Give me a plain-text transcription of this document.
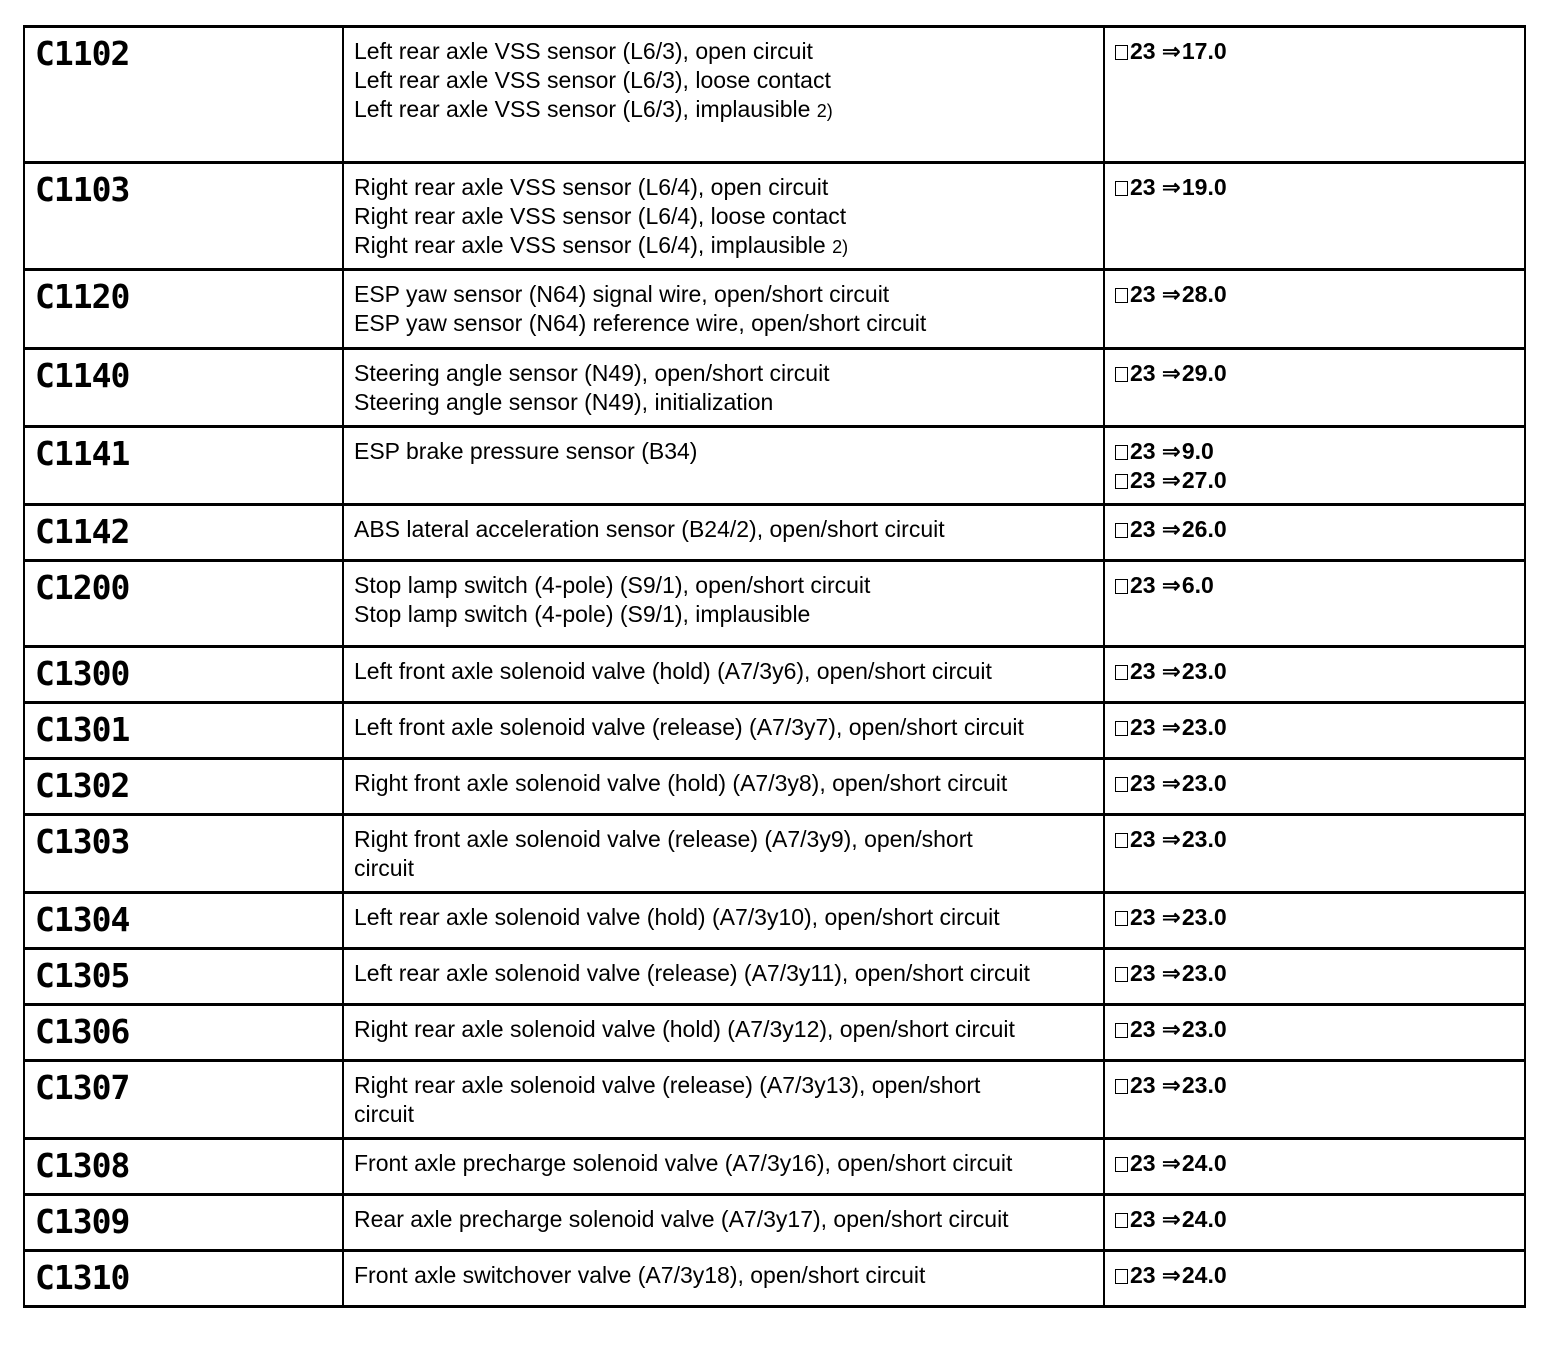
C1102	Left rear axle VSS sensor (L6/3), open circuit
Left rear axle VSS sensor (L6/3), loose contact
Left rear axle VSS sensor (L6/3), implausible 2)	23 ⇒17.0

C1103	Right rear axle VSS sensor (L6/4), open circuit
Right rear axle VSS sensor (L6/4), loose contact
Right rear axle VSS sensor (L6/4), implausible 2)	23 ⇒19.0

C1120	ESP yaw sensor (N64) signal wire, open/short circuit
ESP yaw sensor (N64) reference wire, open/short circuit	23 ⇒28.0

C1140	Steering angle sensor (N49), open/short circuit
Steering angle sensor (N49), initialization	23 ⇒29.0

C1141	ESP brake pressure sensor (B34)	23 ⇒9.0
23 ⇒27.0

C1142	ABS lateral acceleration sensor (B24/2), open/short circuit	23 ⇒26.0

C1200	Stop lamp switch (4-pole) (S9/1), open/short circuit
Stop lamp switch (4-pole) (S9/1), implausible	23 ⇒6.0

C1300	Left front axle solenoid valve (hold) (A7/3y6), open/short circuit	23 ⇒23.0

C1301	Left front axle solenoid valve (release) (A7/3y7), open/short circuit	23 ⇒23.0

C1302	Right front axle solenoid valve (hold) (A7/3y8), open/short circuit	23 ⇒23.0

C1303	Right front axle solenoid valve (release) (A7/3y9), open/short
circuit	23 ⇒23.0

C1304	Left rear axle solenoid valve (hold) (A7/3y10), open/short circuit	23 ⇒23.0

C1305	Left rear axle solenoid valve (release) (A7/3y11), open/short circuit	23 ⇒23.0

C1306	Right rear axle solenoid valve (hold) (A7/3y12), open/short circuit	23 ⇒23.0

C1307	Right rear axle solenoid valve (release) (A7/3y13), open/short
circuit	23 ⇒23.0

C1308	Front axle precharge solenoid valve (A7/3y16), open/short circuit	23 ⇒24.0

C1309	Rear axle precharge solenoid valve (A7/3y17), open/short circuit	23 ⇒24.0

C1310	Front axle switchover valve (A7/3y18), open/short circuit	23 ⇒24.0
